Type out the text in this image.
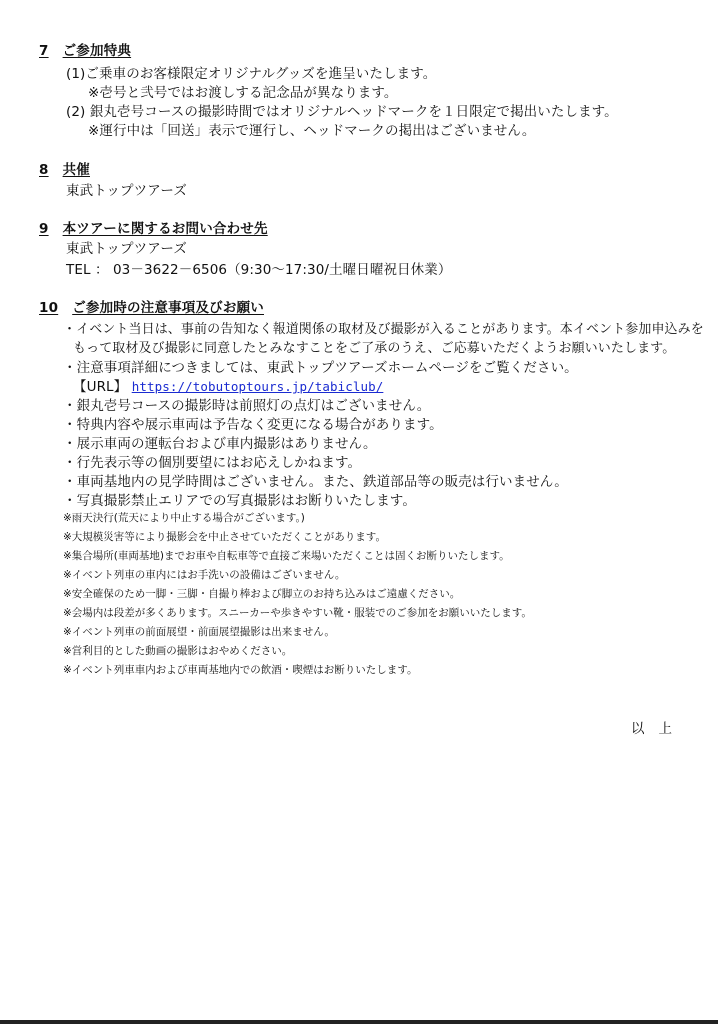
7 ご参加特典
(1)ご乗車のお客様限定オリジナルグッズを進呈いたします。
※壱号と弐号ではお渡しする記念品が異なります。
(2) 銀丸壱号コースの撮影時間ではオリジナルヘッドマークを１日限定で掲出いたします。
※運行中は「回送」表示で運行し、ヘッドマークの掲出はございません。
8 共催
東武トップツアーズ
9 本ツアーに関するお問い合わせ先
東武トップツアーズ
TEL ： 03－3622－6506（9:30～17:30/土曜日曜祝日休業）
10 ご参加時の注意事項及びお願い
・イベント当日は、事前の告知なく報道関係の取材及び撮影が入ることがあります。本イベント参加申込みを
もって取材及び撮影に同意したとみなすことをご了承のうえ、ご応募いただくようお願いいたします。
・注意事項詳細につきましては、東武トップツアーズホームページをご覧ください。
【URL】 https://tobutoptours.jp/tabiclub/
・銀丸壱号コースの撮影時は前照灯の点灯はございません。
・特典内容や展示車両は予告なく変更になる場合があります。
・展示車両の運転台および車内撮影はありません。
・行先表示等の個別要望にはお応えしかねます。
・車両基地内の見学時間はございません。また、鉄道部品等の販売は行いません。
・写真撮影禁止エリアでの写真撮影はお断りいたします。
※雨天決行(荒天により中止する場合がございます。)
※大規模災害等により撮影会を中止させていただくことがあります。
※集合場所(車両基地)までお車や自転車等で直接ご来場いただくことは固くお断りいたします。
※イベント列車の車内にはお手洗いの設備はございません。
※安全確保のため一脚・三脚・自撮り棒および脚立のお持ち込みはご遠慮ください。
※会場内は段差が多くあります。スニーカーや歩きやすい靴・服装でのご参加をお願いいたします。
※イベント列車の前面展望・前面展望撮影は出来ません。
※営利目的とした動画の撮影はおやめください。
※イベント列車車内および車両基地内での飲酒・喫煙はお断りいたします。
以上
